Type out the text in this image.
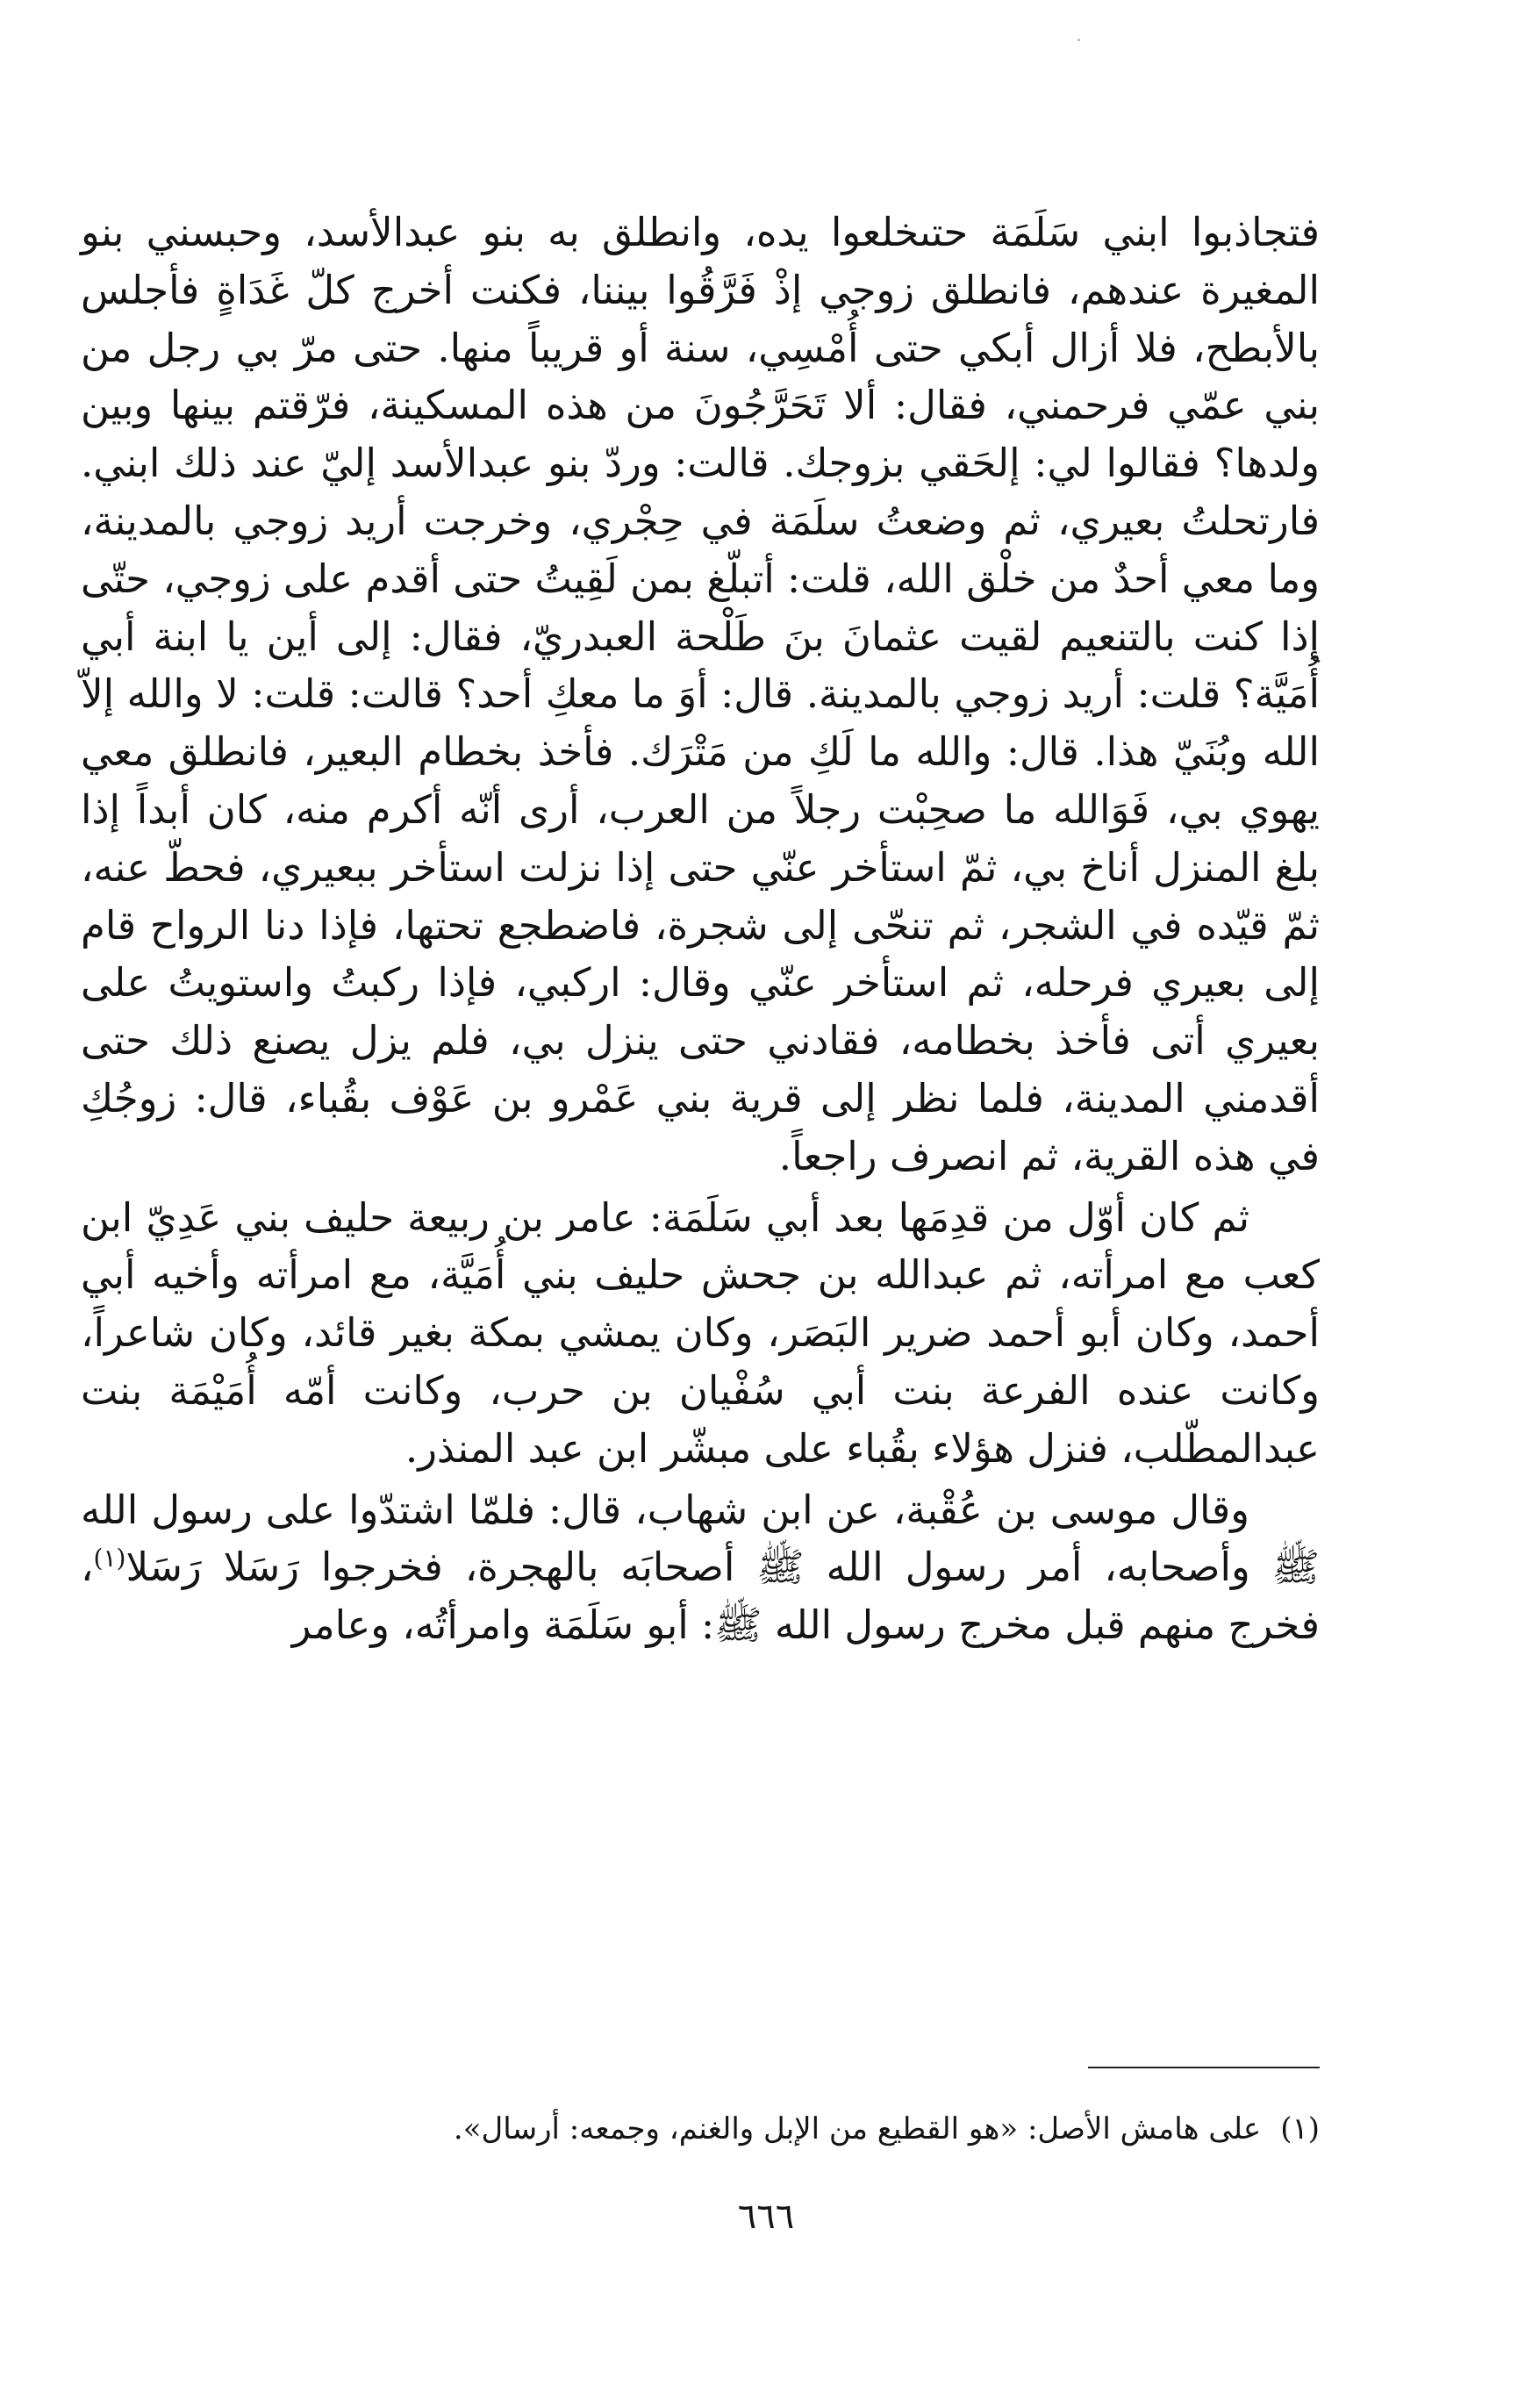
فتجاذبوا ابني سَلَمَة حتىخلعوا يده، وانطلق به بنو عبدالأسد، وحبسني بنو المغيرة عندهم، فانطلق زوجي إذْ فَرَّقُوا بيننا، فكنت أخرج كلّ غَدَاةٍ فأجلس بالأبطح، فلا أزال أبكي حتى أُمْسِي، سنة أو قريباً منها. حتى مرّ بي رجل من بني عمّي فرحمني، فقال: ألا تَحَرَّجُونَ من هذه المسكينة، فرّقتم بينها وبين ولدها؟ فقالوا لي: إلحَقي بزوجك. قالت: وردّ بنو عبدالأسد إليّ عند ذلك ابني. فارتحلتُ بعيري، ثم وضعتُ سلَمَة في حِجْري، وخرجت أريد زوجي بالمدينة، وما معي أحدٌ من خلْق الله، قلت: أتبلّغ بمن لَقِيتُ حتى أقدم على زوجي، حتّى إذا كنت بالتنعيم لقيت عثمانَ بنَ طَلْحة العبدريّ، فقال: إلى أين يا ابنة أبي أُمَيَّة؟ قلت: أريد زوجي بالمدينة. قال: أوَ ما معكِ أحد؟ قالت: قلت: لا والله إلاّ الله وبُنَيّ هذا. قال: والله ما لَكِ من مَتْرَك. فأخذ بخطام البعير، فانطلق معي يهوي بي، فَوَالله ما صحِبْت رجلاً من العرب، أرى أنّه أكرم منه، كان أبداً إذا بلغ المنزل أناخ بي، ثمّ استأخر عنّي حتى إذا نزلت استأخر ببعيري، فحطّ عنه، ثمّ قيّده في الشجر، ثم تنحّى إلى شجرة، فاضطجع تحتها، فإذا دنا الرواح قام إلى بعيري فرحله، ثم استأخر عنّي وقال: اركبي، فإذا ركبتُ واستويتُ على بعيري أتى فأخذ بخطامه، فقادني حتى ينزل بي، فلم يزل يصنع ذلك حتى أقدمني المدينة، فلما نظر إلى قرية بني عَمْرو بن عَوْف بقُباء، قال: زوجُكِ في هذه القرية، ثم انصرف راجعاً.

ثم كان أوّل من قدِمَها بعد أبي سَلَمَة: عامر بن ربيعة حليف بني عَدِيّ ابن كعب مع امرأته، ثم عبدالله بن جحش حليف بني أُمَيَّة، مع امرأته وأخيه أبي أحمد، وكان أبو أحمد ضرير البَصَر، وكان يمشي بمكة بغير قائد، وكان شاعراً، وكانت عنده الفرعة بنت أبي سُفْيان بن حرب، وكانت أمّه أُمَيْمَة بنت عبدالمطّلب، فنزل هؤلاء بقُباء على مبشّر ابن عبد المنذر.

وقال موسى بن عُقْبة، عن ابن شهاب، قال: فلمّا اشتدّوا على رسول الله ﷺ وأصحابه، أمر رسول الله ﷺ أصحابَه بالهجرة، فخرجوا رَسَلا رَسَلا$^{(١)}$، فخرج منهم قبل مخرج رسول الله ﷺ: أبو سَلَمَة وامرأتُه، وعامر

(١)على هامش الأصل: «هو القطيع من الإبل والغنم، وجمعه: أرسال».
٦٦٦
